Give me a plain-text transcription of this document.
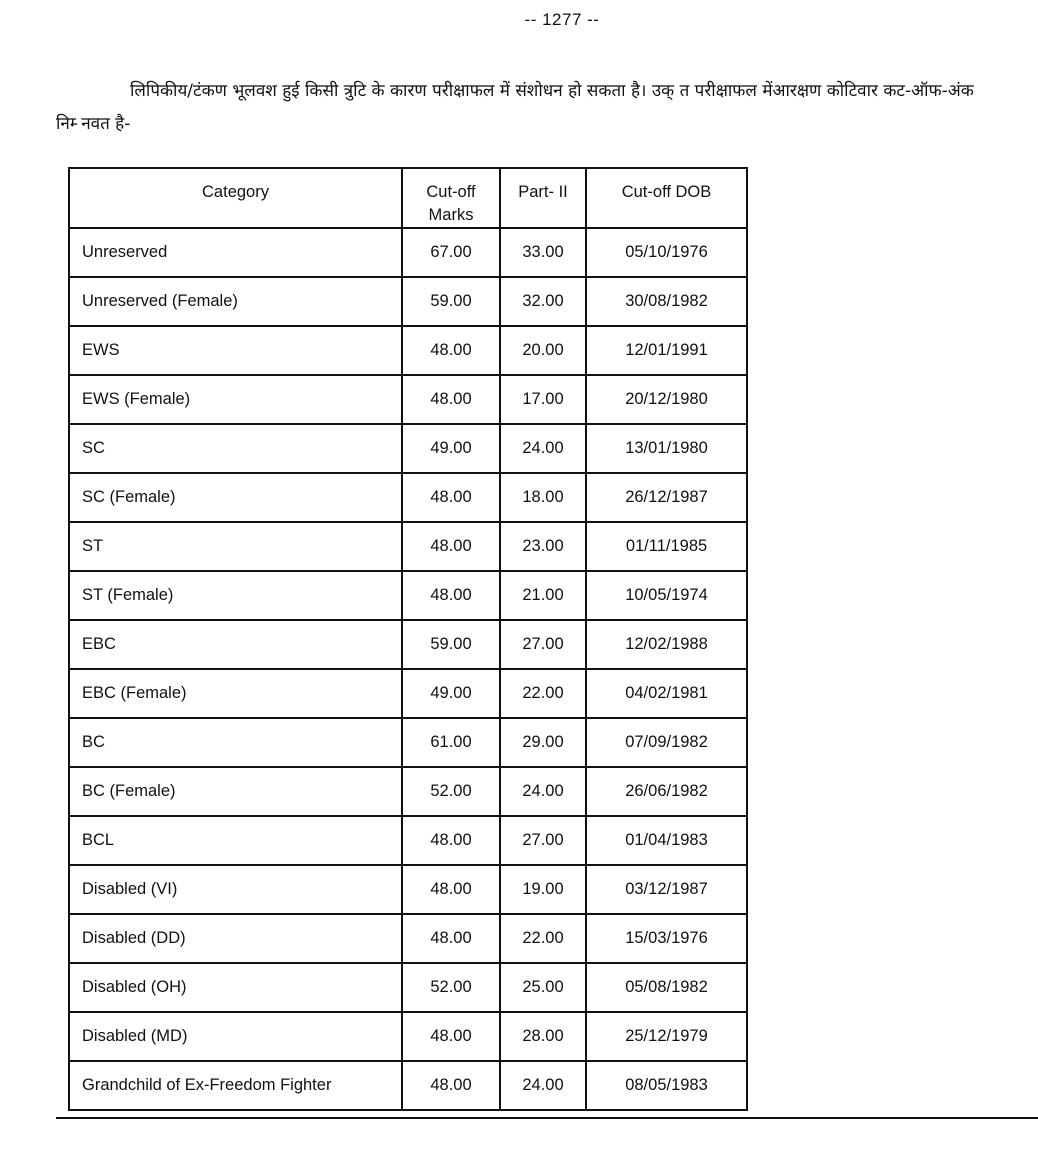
-- 1277 --

लिपिकीय/टंकण भूलवश हुई किसी त्रुटि के कारण परीक्षाफल में संशोधन हो सकता है। उक् त परीक्षाफल मेंआरक्षण कोटिवार कट-ऑफ-अंक निम्‍ नवत है-

Category	Cut-off Marks	Part- II	Cut-off DOB
Unreserved	67.00	33.00	05/10/1976
Unreserved (Female)	59.00	32.00	30/08/1982
EWS	48.00	20.00	12/01/1991
EWS (Female)	48.00	17.00	20/12/1980
SC	49.00	24.00	13/01/1980
SC (Female)	48.00	18.00	26/12/1987
ST	48.00	23.00	01/11/1985
ST (Female)	48.00	21.00	10/05/1974
EBC	59.00	27.00	12/02/1988
EBC (Female)	49.00	22.00	04/02/1981
BC	61.00	29.00	07/09/1982
BC (Female)	52.00	24.00	26/06/1982
BCL	48.00	27.00	01/04/1983
Disabled (VI)	48.00	19.00	03/12/1987
Disabled (DD)	48.00	22.00	15/03/1976
Disabled (OH)	52.00	25.00	05/08/1982
Disabled (MD)	48.00	28.00	25/12/1979
Grandchild of Ex-Freedom Fighter	48.00	24.00	08/05/1983
